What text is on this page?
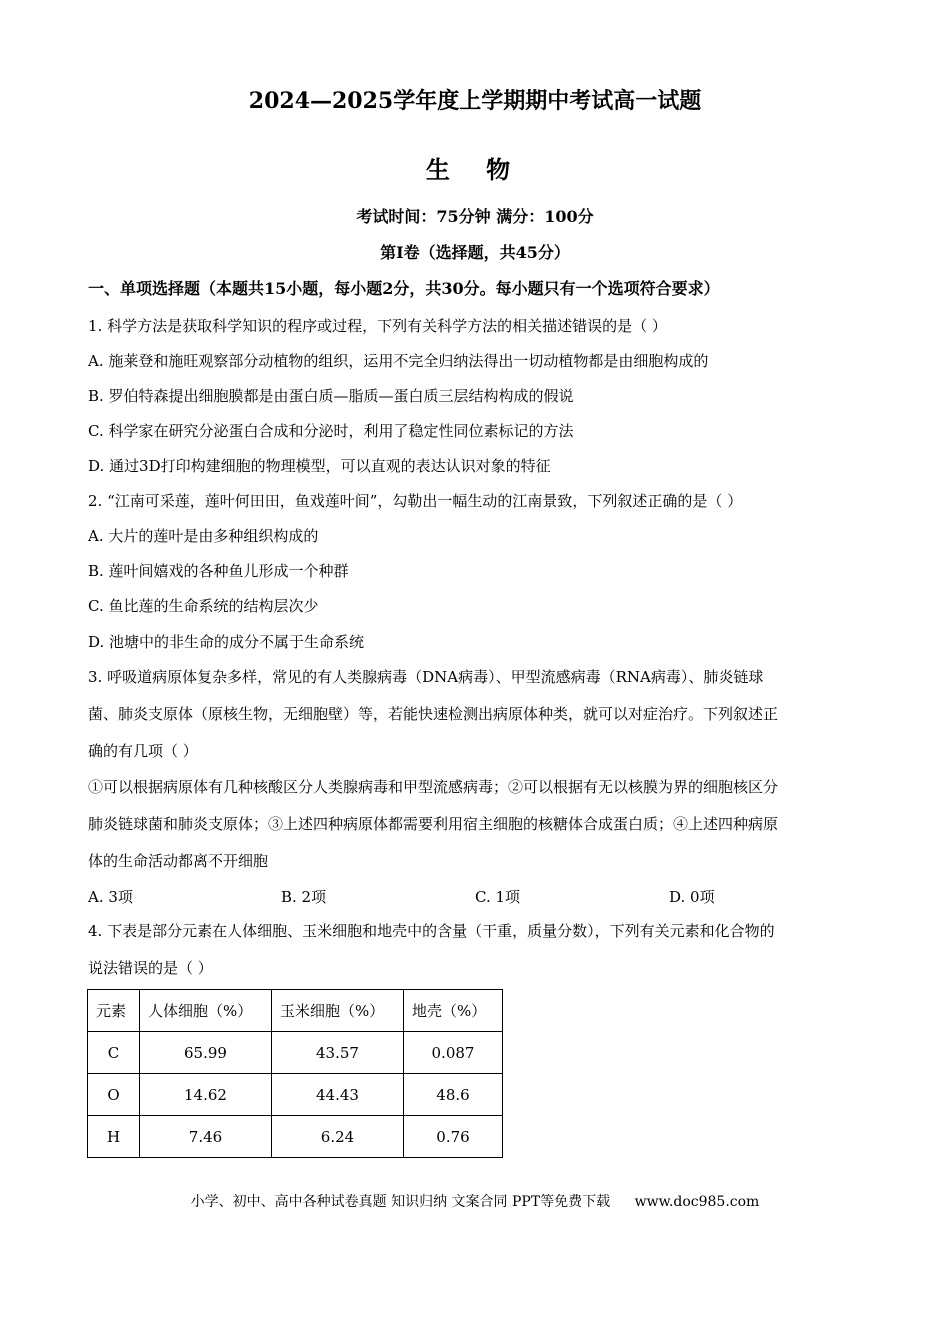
2024—2025学年度上学期期中考试高一试题
生 物
考试时间：75分钟 满分：100分
第I卷（选择题，共45分）
一、单项选择题（本题共15小题，每小题2分，共30分。每小题只有一个选项符合要求）
1. 科学方法是获取科学知识的程序或过程，下列有关科学方法的相关描述错误的是（ ）
A. 施莱登和施旺观察部分动植物的组织，运用不完全归纳法得出一切动植物都是由细胞构成的
B. 罗伯特森提出细胞膜都是由蛋白质—脂质—蛋白质三层结构构成的假说
C. 科学家在研究分泌蛋白合成和分泌时，利用了稳定性同位素标记的方法
D. 通过3D打印构建细胞的物理模型，可以直观的表达认识对象的特征
2. “江南可采莲，莲叶何田田，鱼戏莲叶间”，勾勒出一幅生动的江南景致，下列叙述正确的是（ ）
A. 大片的莲叶是由多种组织构成的
B. 莲叶间嬉戏的各种鱼儿形成一个种群
C. 鱼比莲的生命系统的结构层次少
D. 池塘中的非生命的成分不属于生命系统
3. 呼吸道病原体复杂多样，常见的有人类腺病毒（DNA病毒）、甲型流感病毒（RNA病毒）、肺炎链球
菌、肺炎支原体（原核生物，无细胞壁）等，若能快速检测出病原体种类，就可以对症治疗。下列叙述正
确的有几项（ ）
①可以根据病原体有几种核酸区分人类腺病毒和甲型流感病毒；②可以根据有无以核膜为界的细胞核区分
肺炎链球菌和肺炎支原体；③上述四种病原体都需要利用宿主细胞的核糖体合成蛋白质；④上述四种病原
体的生命活动都离不开细胞
A. 3项	B. 2项	C. 1项	D. 0项
4. 下表是部分元素在人体细胞、玉米细胞和地壳中的含量（干重，质量分数），下列有关元素和化合物的
说法错误的是（ ）
元素	人体细胞（%）	玉米细胞（%）	地壳（%）
C	65.99	43.57	0.087
O	14.62	44.43	48.6
H	7.46	6.24	0.76
小学、初中、高中各种试卷真题 知识归纳 文案合同 PPT等免费下载 www.doc985.com
